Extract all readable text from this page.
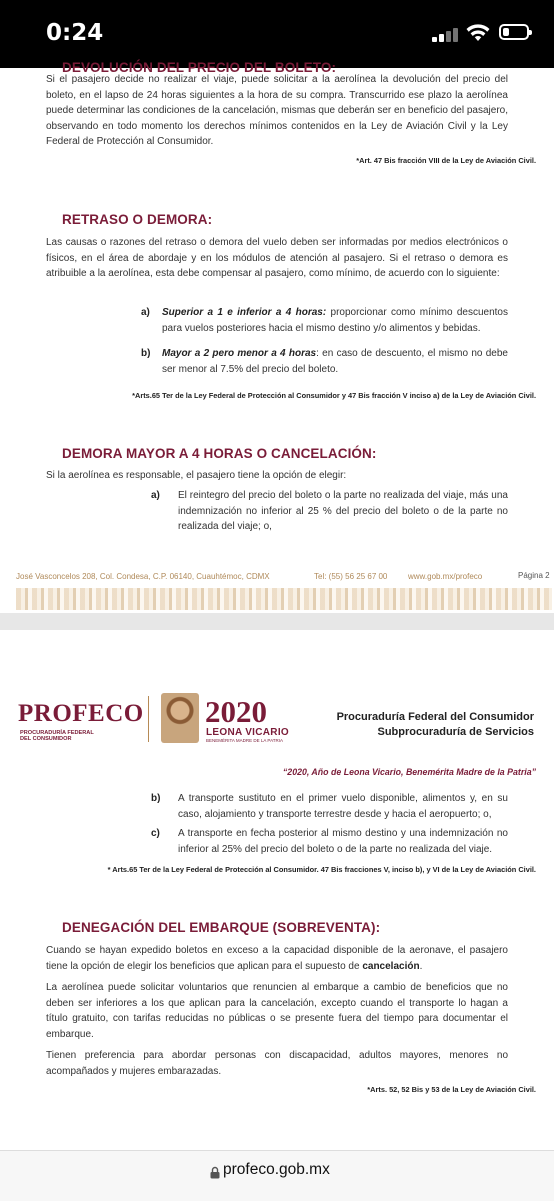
0:24
DEVOLUCIÓN DEL PRECIO DEL BOLETO:
Si el pasajero decide no realizar el viaje, puede solicitar a la aerolínea la devolución del precio del boleto, en el lapso de 24 horas siguientes a la hora de su compra. Transcurrido ese plazo la aerolínea puede determinar las condiciones de la cancelación, mismas que deberán ser en beneficio del pasajero, observando en todo momento los derechos mínimos contenidos en la Ley de Aviación Civil y la Ley Federal de Protección al Consumidor.
*Art. 47 Bis fracción VIII de la Ley de Aviación Civil.
RETRASO O DEMORA:
Las causas o razones del retraso o demora del vuelo deben ser informadas por medios electrónicos o físicos, en el área de abordaje y en los módulos de atención al pasajero. Si el retraso o demora es atribuible a la aerolínea, esta debe compensar al pasajero, como mínimo, de acuerdo con lo siguiente:
a) Superior a 1 e inferior a 4 horas: proporcionar como mínimo descuentos para vuelos posteriores hacia el mismo destino y/o alimentos y bebidas.
b) Mayor a 2 pero menor a 4 horas: en caso de descuento, el mismo no debe ser menor al 7.5% del precio del boleto.
*Arts.65 Ter de la Ley Federal de Protección al Consumidor y 47 Bis fracción V inciso a) de la Ley de Aviación Civil.
DEMORA MAYOR A 4 HORAS O CANCELACIÓN:
Si la aerolínea es responsable, el pasajero tiene la opción de elegir:
a) El reintegro del precio del boleto o la parte no realizada del viaje, más una indemnización no inferior al 25 % del precio del boleto o de la parte no realizada del viaje; o,
José Vasconcelos 208, Col. Condesa, C.P. 06140, Cuauhtémoc, CDMX	Tel: (55) 56 25 67 00	www.gob.mx/profeco	Página 2
PROFECO
PROCURADURÍA FEDERAL
DEL CONSUMIDOR
2020
LEONA VICARIO
BENEMÉRITA MADRE DE LA PATRIA
Procuraduría Federal del Consumidor
Subprocuraduría de Servicios
“2020, Año de Leona Vicario, Benemérita Madre de la Patria”
b) A transporte sustituto en el primer vuelo disponible, alimentos y, en su caso, alojamiento y transporte terrestre desde y hacia el aeropuerto; o,
c) A transporte en fecha posterior al mismo destino y una indemnización no inferior al 25% del precio del boleto o de la parte no realizada del viaje.
* Arts.65 Ter de la Ley Federal de Protección al Consumidor. 47 Bis fracciones V, inciso b), y VI de la Ley de Aviación Civil.
DENEGACIÓN DEL EMBARQUE (SOBREVENTA):
Cuando se hayan expedido boletos en exceso a la capacidad disponible de la aeronave, el pasajero tiene la opción de elegir los beneficios que aplican para el supuesto de cancelación.
La aerolínea puede solicitar voluntarios que renuncien al embarque a cambio de beneficios que no deben ser inferiores a los que aplican para la cancelación, excepto cuando el transporte lo hagan a título gratuito, con tarifas reducidas no públicas o se presente fuera del tiempo para documentar el embarque.
Tienen preferencia para abordar personas con discapacidad, adultos mayores, menores no acompañados y mujeres embarazadas.
*Arts. 52, 52 Bis y 53 de la Ley de Aviación Civil.
profeco.gob.mx
